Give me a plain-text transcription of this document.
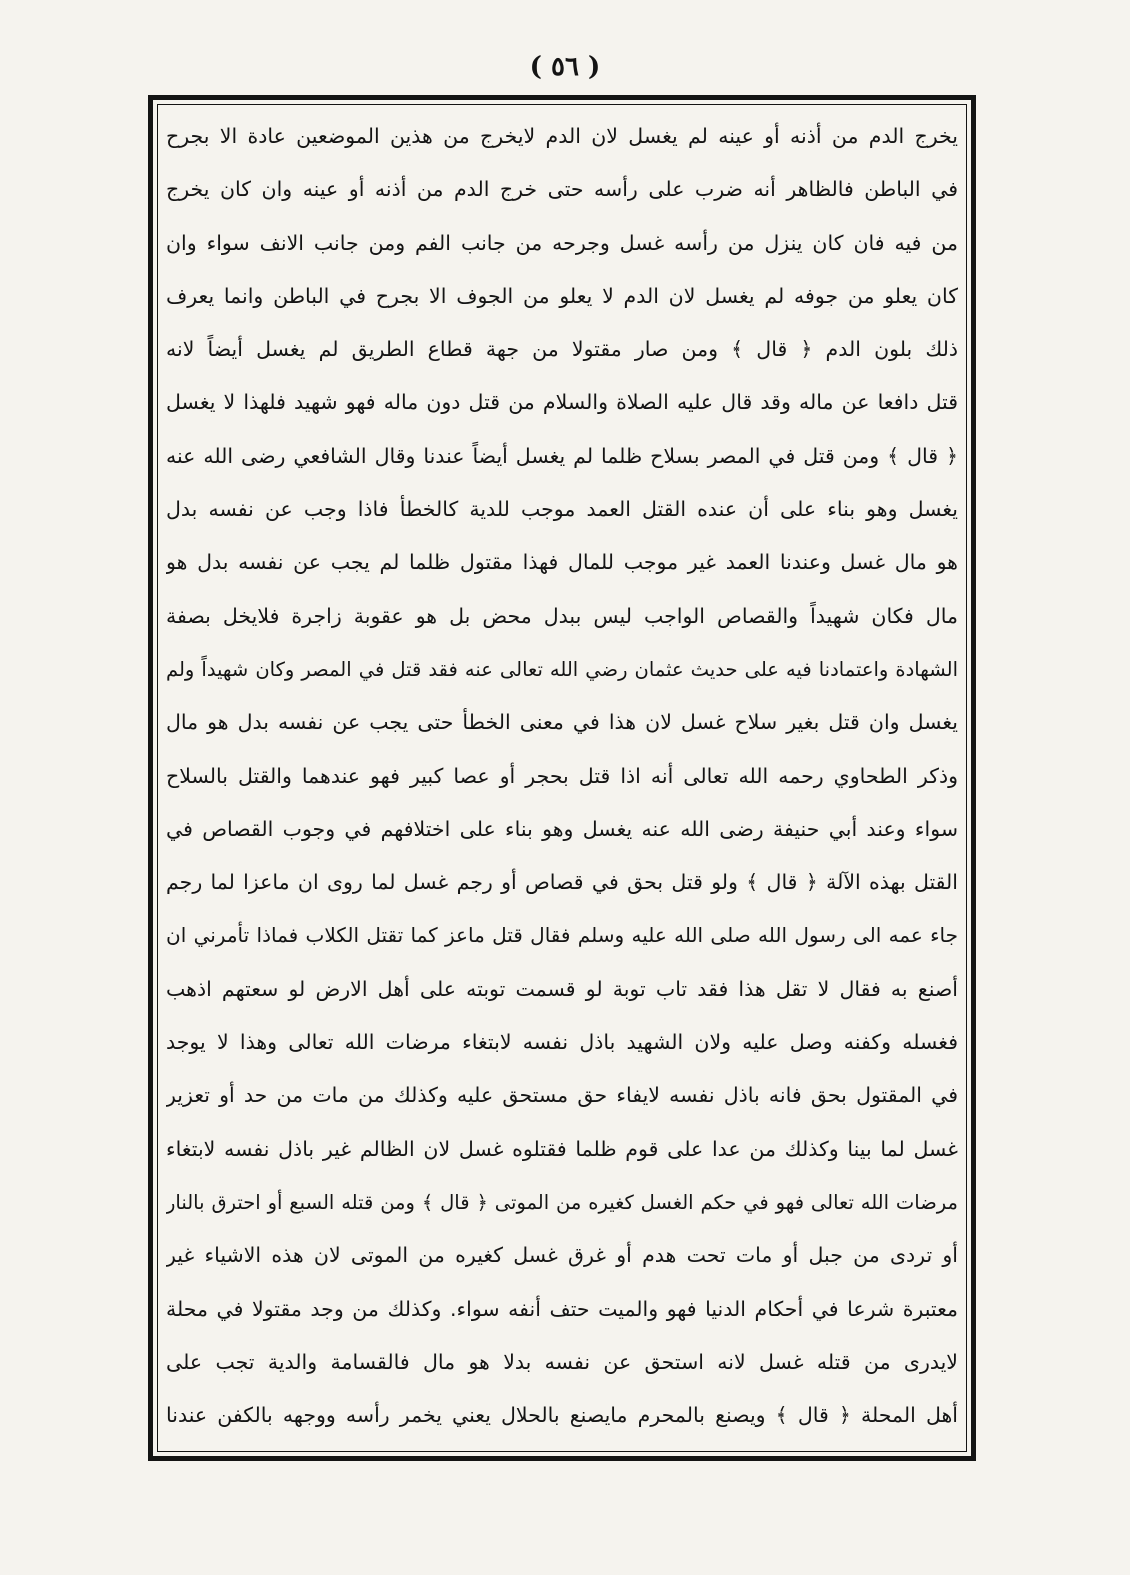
( ٥٦ )
يخرج الدم من أذنه أو عينه لم يغسل لان الدم لايخرج من هذين الموضعين عادة الا بجرح
في الباطن فالظاهر أنه ضرب على رأسه حتى خرج الدم من أذنه أو عينه وان كان يخرج
من فيه فان كان ينزل من رأسه غسل وجرحه من جانب الفم ومن جانب الانف سواء وان
كان يعلو من جوفه لم يغسل لان الدم لا يعلو من الجوف الا بجرح في الباطن وانما يعرف
ذلك بلون الدم ﴿ قال ﴾ ومن صار مقتولا من جهة قطاع الطريق لم يغسل أيضاً لانه
قتل دافعا عن ماله وقد قال عليه الصلاة والسلام من قتل دون ماله فهو شهيد فلهذا لا يغسل
﴿ قال ﴾ ومن قتل في المصر بسلاح ظلما لم يغسل أيضاً عندنا وقال الشافعي رضى الله عنه
يغسل وهو بناء على أن عنده القتل العمد موجب للدية كالخطأ فاذا وجب عن نفسه بدل
هو مال غسل وعندنا العمد غير موجب للمال فهذا مقتول ظلما لم يجب عن نفسه بدل هو
مال فكان شهيداً والقصاص الواجب ليس ببدل محض بل هو عقوبة زاجرة فلايخل بصفة
الشهادة واعتمادنا فيه على حديث عثمان رضي الله تعالى عنه فقد قتل في المصر وكان شهيداً ولم
يغسل وان قتل بغير سلاح غسل لان هذا في معنى الخطأ حتى يجب عن نفسه بدل هو مال
وذكر الطحاوي رحمه الله تعالى أنه اذا قتل بحجر أو عصا كبير فهو عندهما والقتل بالسلاح
سواء وعند أبي حنيفة رضى الله عنه يغسل وهو بناء على اختلافهم في وجوب القصاص في
القتل بهذه الآلة ﴿ قال ﴾ ولو قتل بحق في قصاص أو رجم غسل لما روى ان ماعزا لما رجم
جاء عمه الى رسول الله صلى الله عليه وسلم فقال قتل ماعز كما تقتل الكلاب فماذا تأمرني ان
أصنع به فقال لا تقل هذا فقد تاب توبة لو قسمت توبته على أهل الارض لو سعتهم اذهب
فغسله وكفنه وصل عليه ولان الشهيد باذل نفسه لابتغاء مرضات الله تعالى وهذا لا يوجد
في المقتول بحق فانه باذل نفسه لايفاء حق مستحق عليه وكذلك من مات من حد أو تعزير
غسل لما بينا وكذلك من عدا على قوم ظلما فقتلوه غسل لان الظالم غير باذل نفسه لابتغاء
مرضات الله تعالى فهو في حكم الغسل كغيره من الموتى ﴿ قال ﴾ ومن قتله السبع أو احترق بالنار
أو تردى من جبل أو مات تحت هدم أو غرق غسل كغيره من الموتى لان هذه الاشياء غير
معتبرة شرعا في أحكام الدنيا فهو والميت حتف أنفه سواء. وكذلك من وجد مقتولا في محلة
لايدرى من قتله غسل لانه استحق عن نفسه بدلا هو مال فالقسامة والدية تجب على
أهل المحلة ﴿ قال ﴾ ويصنع بالمحرم مايصنع بالحلال يعني يخمر رأسه ووجهه بالكفن عندنا
